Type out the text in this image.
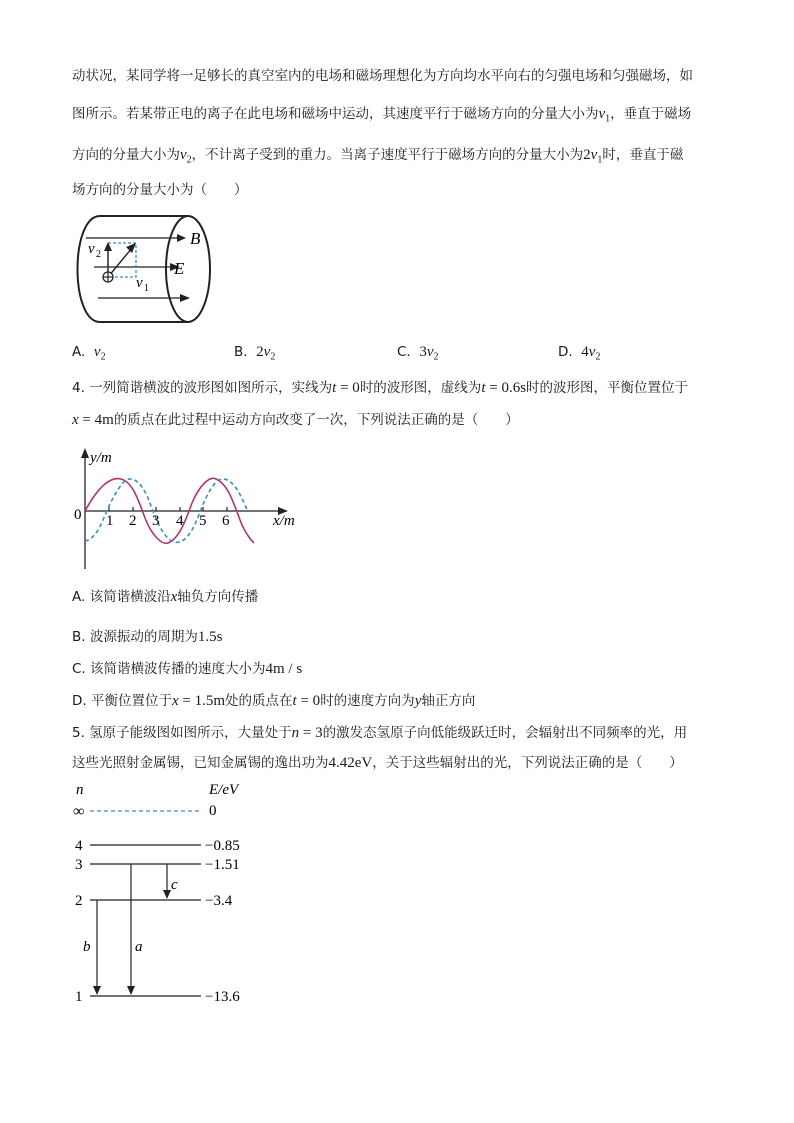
动状况，某同学将一足够长的真空室内的电场和磁场理想化为方向均水平向右的匀强电场和匀强磁场，如
图所示。若某带正电的离子在此电场和磁场中运动，其速度平行于磁场方向的分量大小为$v_1$，垂直于磁场
方向的分量大小为$v_2$，不计离子受到的重力。当离子速度平行于磁场方向的分量大小为$2v_1$时，垂直于磁
场方向的分量大小为（　　）
v 2
v 1
B
E
A. $v_2$	B. $2v_2$	C. $3v_2$	D. $4v_2$
4. 一列简谐横波的波形图如图所示，实线为t = 0时的波形图，虚线为t = 0.6s时的波形图，平衡位置位于
x = 4m的质点在此过程中运动方向改变了一次，下列说法正确的是（　　）
y/m
0 1 2 3 4 5 6	x/m
A. 该简谐横波沿x轴负方向传播
B. 波源振动的周期为1.5s
C. 该简谐横波传播的速度大小为4m / s
D. 平衡位置位于x = 1.5m处的质点在t = 0时的速度方向为y轴正方向
5. 氢原子能级图如图所示，大量处于n = 3的激发态氢原子向低能级跃迁时，会辐射出不同频率的光，用
这些光照射金属锡，已知金属锡的逸出功为4.42eV，关于这些辐射出的光，下列说法正确的是（　　）
n	E/eV
∞	0
4	−0.85
3	−1.51
2	−3.4
1	−13.6
c
b	a
